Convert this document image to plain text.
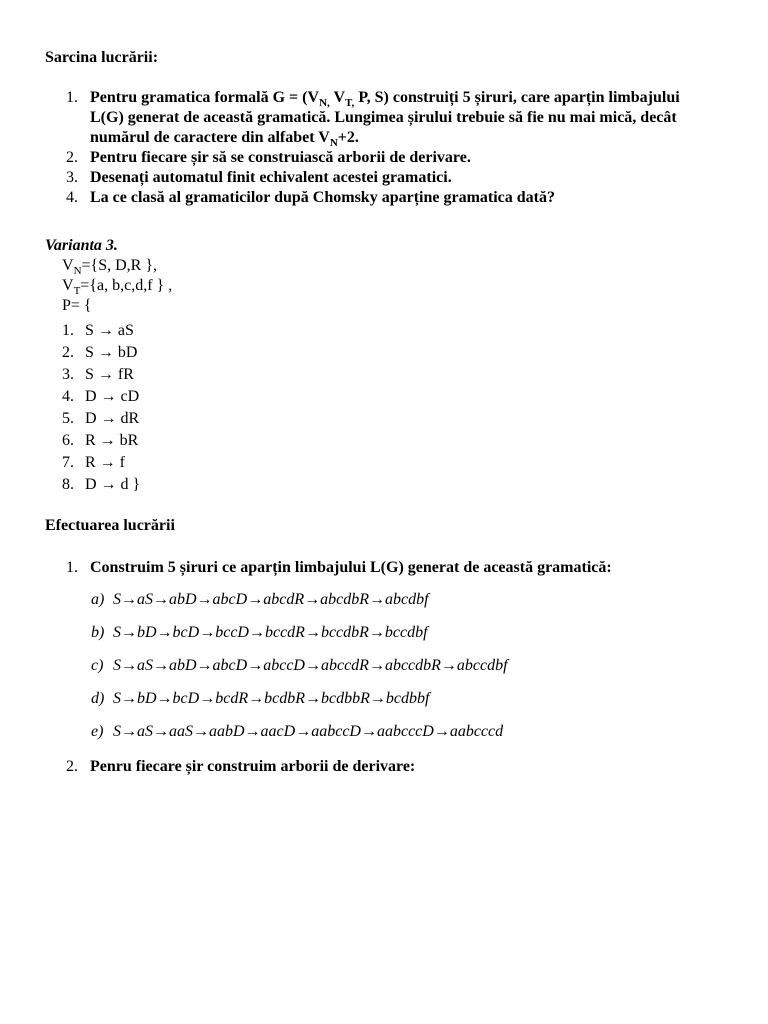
Sarcina lucrării:
1. Pentru gramatica formală $G = (V_{N,}$ $V_{T,}$ P, S) construiți 5 șiruri, care aparțin limbajului L(G) generat de această gramatică. Lungimea șirului trebuie să fie nu mai mică, decât numărul de caractere din alfabet $V_N+2$.
2. Pentru fiecare șir să se construiască arborii de derivare.
3. Desenați automatul finit echivalent acestei gramatici.
4. La ce clasă al gramaticilor după Chomsky aparține gramatica dată?
Varianta 3.
$V_N=\{S$, D,R },
$V_T=\{a$, b,c,d,f } ,
P= {
1. S → aS
2. S → bD
3. S → fR
4. D → cD
5. D → dR
6. R → bR
7. R → f
8. D → d }
Efectuarea lucrării
1. Construim 5 șiruri ce aparțin limbajului L(G) generat de această gramatică:
a) S→aS→abD→abcD→abcdR→abcdbR→abcdbf
b) S→bD→bcD→bccD→bccdR→bccdbR→bccdbf
c) S→aS→abD→abcD→abccD→abccdR→abccdbR→abccdbf
d) S→bD→bcD→bcdR→bcdbR→bcdbbR→bcdbbf
e) S→aS→aaS→aabD→aacD→aabccD→aabcccD→aabcccd
2. Penru fiecare șir construim arborii de derivare:
